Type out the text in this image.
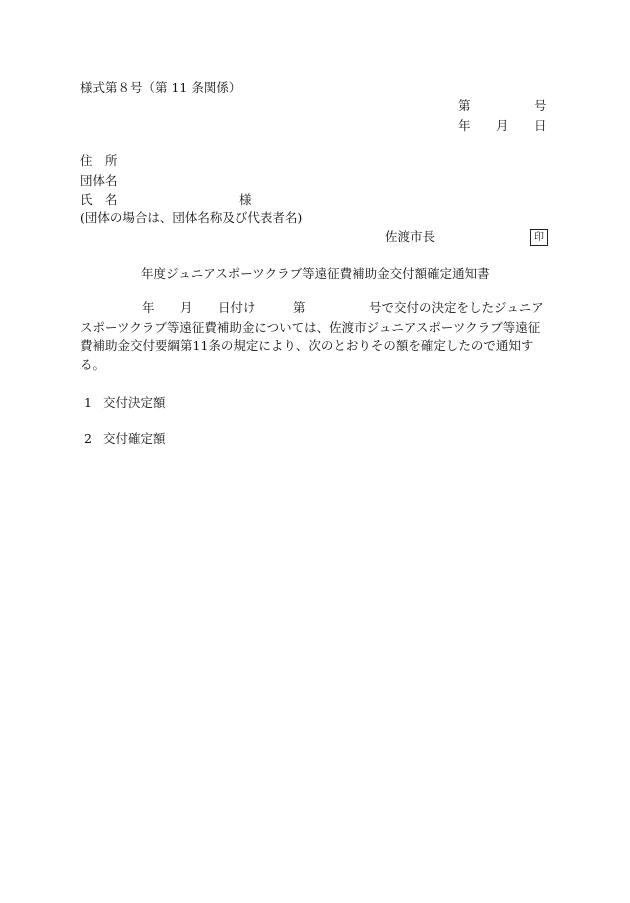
様式第８号（第 11 条関係）
第	号
年 月 日
住　所
団体名
氏　名	様
(団体の場合は、団体名称及び代表者名)
佐渡市長	印
年度ジュニアスポーツクラブ等遠征費補助金交付額確定通知書
年 月 日付け	第	号で交付の決定をしたジュニア
スポーツクラブ等遠征費補助金については、佐渡市ジュニアスポーツクラブ等遠征
費補助金交付要綱第11条の規定により、次のとおりその額を確定したので通知す
る。
1 交付決定額
2 交付確定額
